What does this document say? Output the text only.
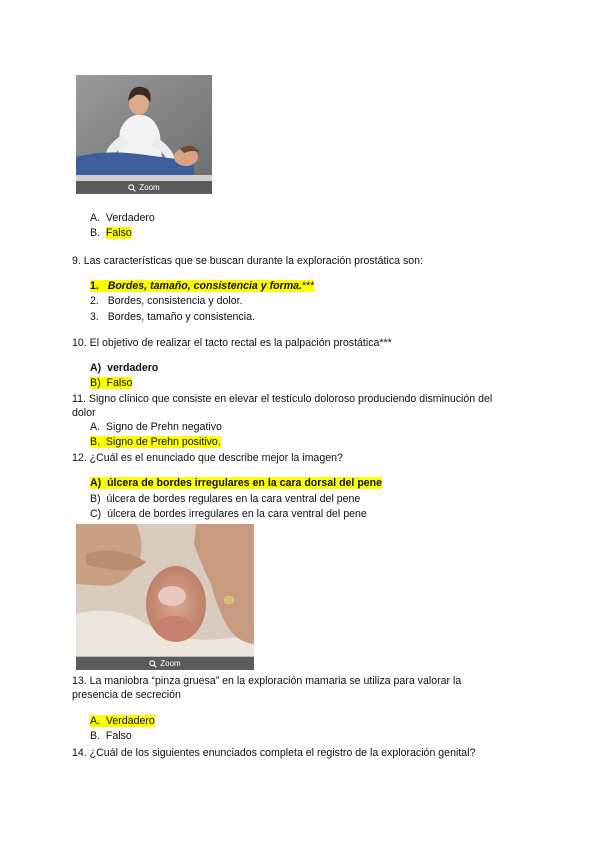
Zoom
A. Verdadero
B. Falso
9. Las características que se buscan durante la exploración prostática son:
1. Bordes, tamaño, consistencia y forma.***
2. Bordes, consistencia y dolor.
3. Bordes, tamaño y consistencia.
10. El objetivo de realizar el tacto rectal es la palpación prostática***
A) verdadero
B) Falso
11. Signo clínico que consiste en elevar el testículo doloroso produciendo disminución del dolor
A. Signo de Prehn negativo
B. Signo de Prehn positivo.
12. ¿Cuál es el enunciado que describe mejor la imagen?
A) úlcera de bordes irregulares en la cara dorsal del pene
B) úlcera de bordes regulares en la cara ventral del pene
C) úlcera de bordes irregulares en la cara ventral del pene
Zoom
13. La maniobra “pinza gruesa” en la exploración mamaria se utiliza para valorar la presencia de secreción
A. Verdadero
B. Falso
14. ¿Cuál de los siguientes enunciados completa el registro de la exploración genital?
